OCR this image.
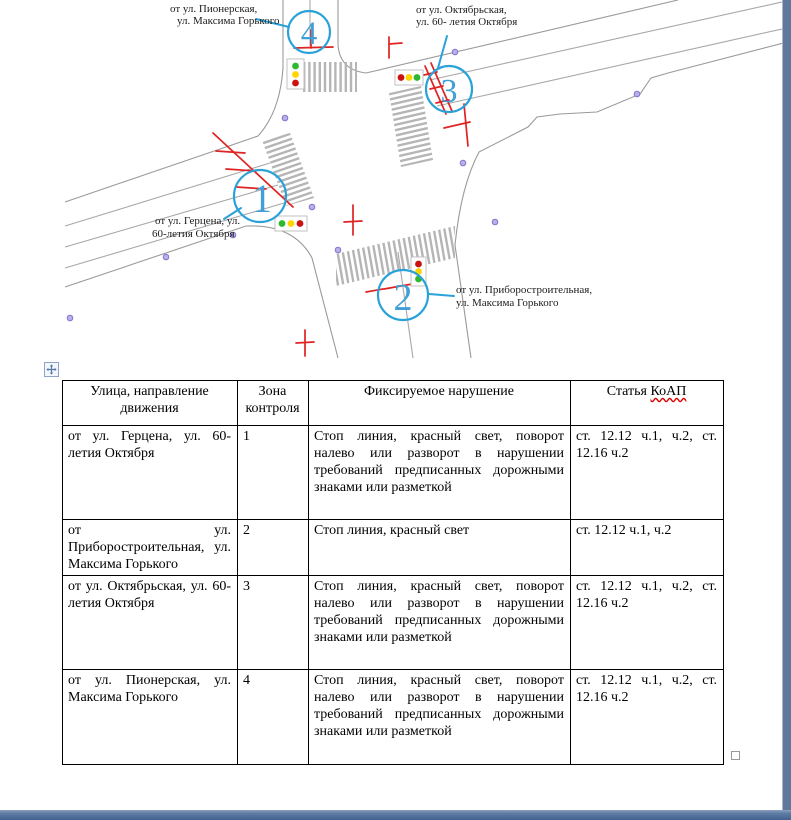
4
3
1
2
от ул. Пионерская,
ул. Максима Горького
от ул. Октябрьская,
ул. 60- летия Октября
от ул. Герцена, ул.
60-летия Октября
от ул. Приборостроительная,
ул. Максима Горького
Улица, направление движения	Зона контроля	Фиксируемое нарушение	Статья КоАП
от ул. Герцена, ул. 60-летия Октября	1	Стоп линия, красный свет, поворот налево или разворот в нарушении требований предписанных дорожными знаками или разметкой	ст. 12.12 ч.1, ч.2, ст. 12.16 ч.2
от ул. Приборостроительная, ул. Максима Горького	2	Стоп линия, красный свет	ст. 12.12 ч.1, ч.2
от ул. Октябрьская, ул. 60-летия Октября	3	Стоп линия, красный свет, поворот налево или разворот в нарушении требований предписанных дорожными знаками или разметкой	ст. 12.12 ч.1, ч.2, ст. 12.16 ч.2
от ул. Пионерская, ул. Максима Горького	4	Стоп линия, красный свет, поворот налево или разворот в нарушении требований предписанных дорожными знаками или разметкой	ст. 12.12 ч.1, ч.2, ст. 12.16 ч.2
